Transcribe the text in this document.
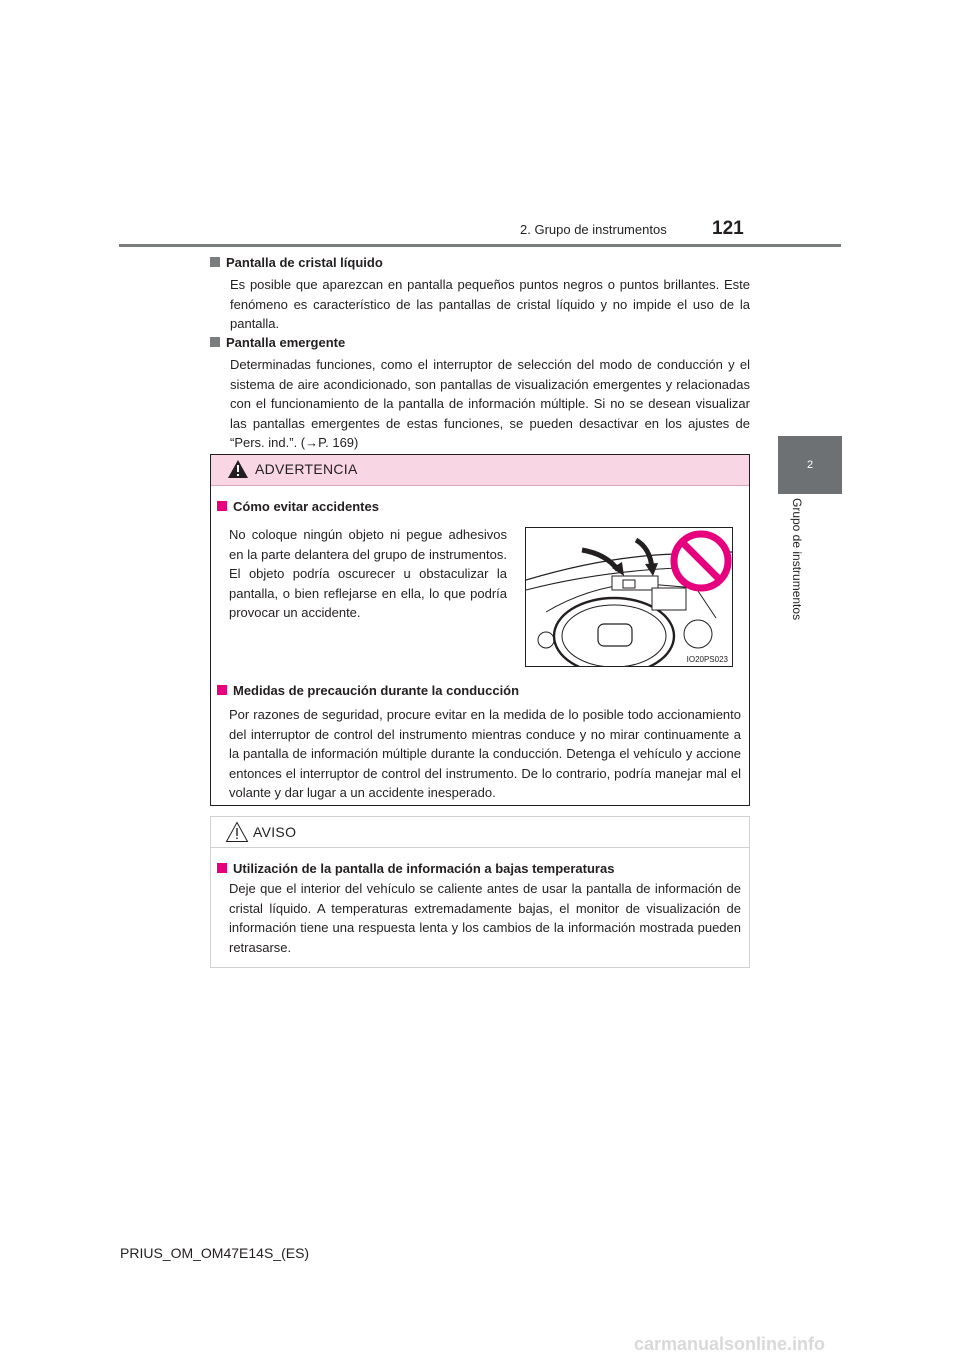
2. Grupo de instrumentos	121
2
Grupo de instrumentos
Pantalla de cristal líquido
Es posible que aparezcan en pantalla pequeños puntos negros o puntos brillantes. Este fenómeno es característico de las pantallas de cristal líquido y no impide el uso de la pantalla.
Pantalla emergente
Determinadas funciones, como el interruptor de selección del modo de conducción y el sistema de aire acondicionado, son pantallas de visualización emergentes y relacionadas con el funcionamiento de la pantalla de información múltiple. Si no se desean visualizar las pantallas emergentes de estas funciones, se pueden desactivar en los ajustes de “Pers. ind.”. (→P. 169)
ADVERTENCIA
Cómo evitar accidentes
No coloque ningún objeto ni pegue adhesivos en la parte delantera del grupo de instrumentos. El objeto podría oscurecer u obstaculizar la pantalla, o bien reflejarse en ella, lo que podría provocar un accidente.
IO20PS023
Medidas de precaución durante la conducción
Por razones de seguridad, procure evitar en la medida de lo posible todo accionamiento del interruptor de control del instrumento mientras conduce y no mirar continuamente a la pantalla de información múltiple durante la conducción. Detenga el vehículo y accione entonces el interruptor de control del instrumento. De lo contrario, podría manejar mal el volante y dar lugar a un accidente inesperado.
AVISO
Utilización de la pantalla de información a bajas temperaturas
Deje que el interior del vehículo se caliente antes de usar la pantalla de información de cristal líquido. A temperaturas extremadamente bajas, el monitor de visualización de información tiene una respuesta lenta y los cambios de la información mostrada pueden retrasarse.
PRIUS_OM_OM47E14S_(ES)
carmanualsonline.info
